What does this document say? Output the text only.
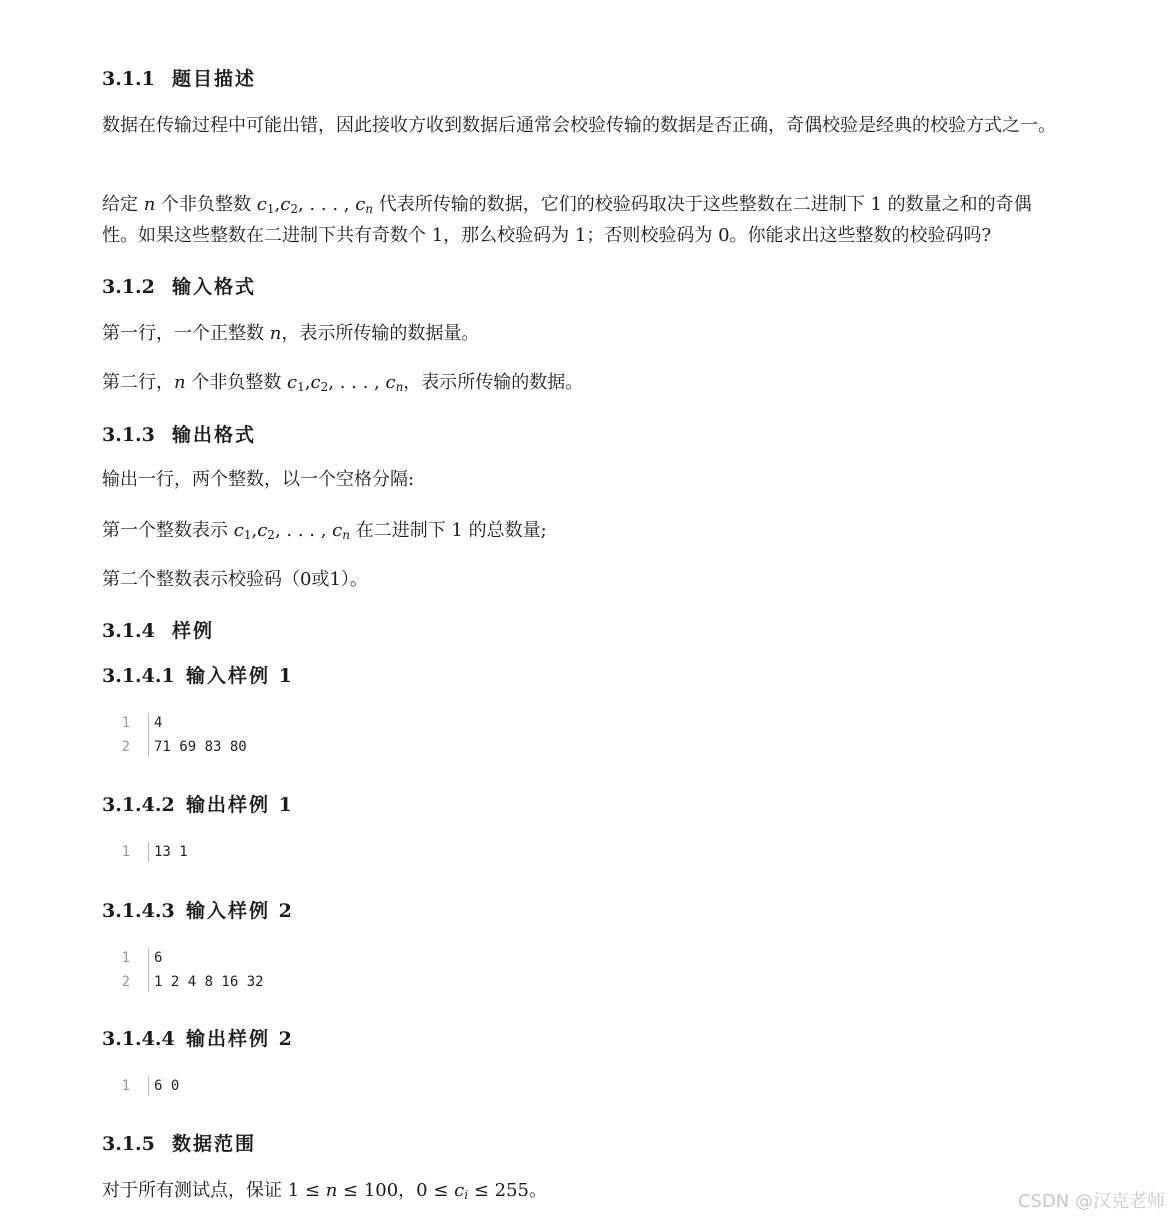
3.1.1 题目描述

数据在传输过程中可能出错，因此接收方收到数据后通常会校验传输的数据是否正确，奇偶校验是经典的校验方式之一。

给定 n 个非负整数 $c_1,c_2$, . . . , $c_n$ 代表所传输的数据，它们的校验码取决于这些整数在二进制下 1 的数量之和的奇偶性。如果这些整数在二进制下共有奇数个 1，那么校验码为 1；否则校验码为 0。你能求出这些整数的校验码吗?

3.1.2 输入格式

第一行，一个正整数 n，表示所传输的数据量。

第二行，n 个非负整数 $c_1,c_2$, . . . , $c_n$，表示所传输的数据。

3.1.3 输出格式

输出一行，两个整数，以一个空格分隔:

第一个整数表示 $c_1,c_2$, . . . , $c_n$ 在二进制下 1 的总数量;

第二个整数表示校验码（0或1）。

3.1.4 样例
3.1.4.1 输入样例 1
1 4
2 71 69 83 80
3.1.4.2 输出样例 1
1 13 1
3.1.4.3 输入样例 2
1 6
2 1 2 4 8 16 32
3.1.4.4 输出样例 2
1 6 0
3.1.5 数据范围

对于所有测试点，保证 1 ≤ n ≤ 100，$0 \le c_i \le 255$。

CSDN @汉克老师
